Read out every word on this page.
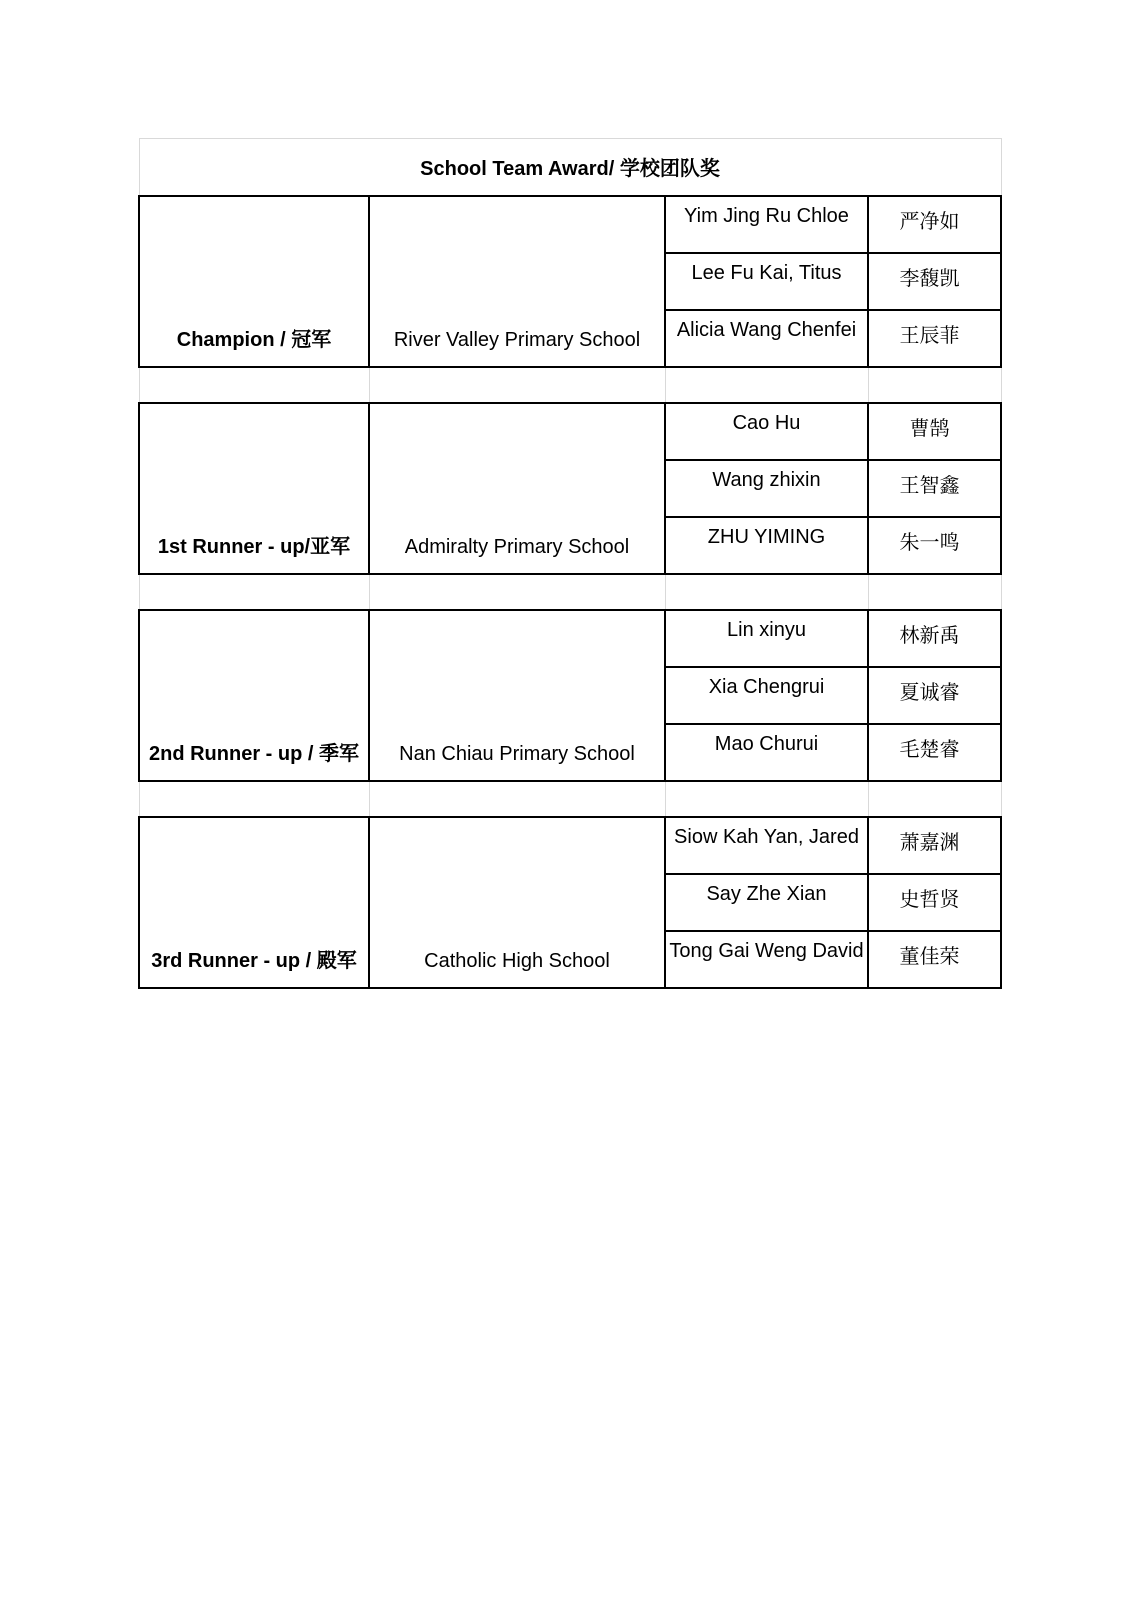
School Team Award/ 学校团队奖			
Champion / 冠军	River Valley Primary School	Yim Jing Ru Chloe	严净如
		Lee Fu Kai, Titus	李馥凯
		Alicia Wang Chenfei	王辰菲

1st Runner - up/亚军	Admiralty Primary School	Cao Hu	曹鹄
		Wang zhixin	王智鑫
		ZHU YIMING	朱一鸣

2nd Runner - up / 季军	Nan Chiau Primary School	Lin xinyu	林新禹
		Xia Chengrui	夏诚睿
		Mao Churui	毛楚睿

3rd Runner - up / 殿军	Catholic High School	Siow Kah Yan, Jared	萧嘉渊
		Say Zhe Xian	史哲贤
		Tong Gai Weng David	董佳荣
